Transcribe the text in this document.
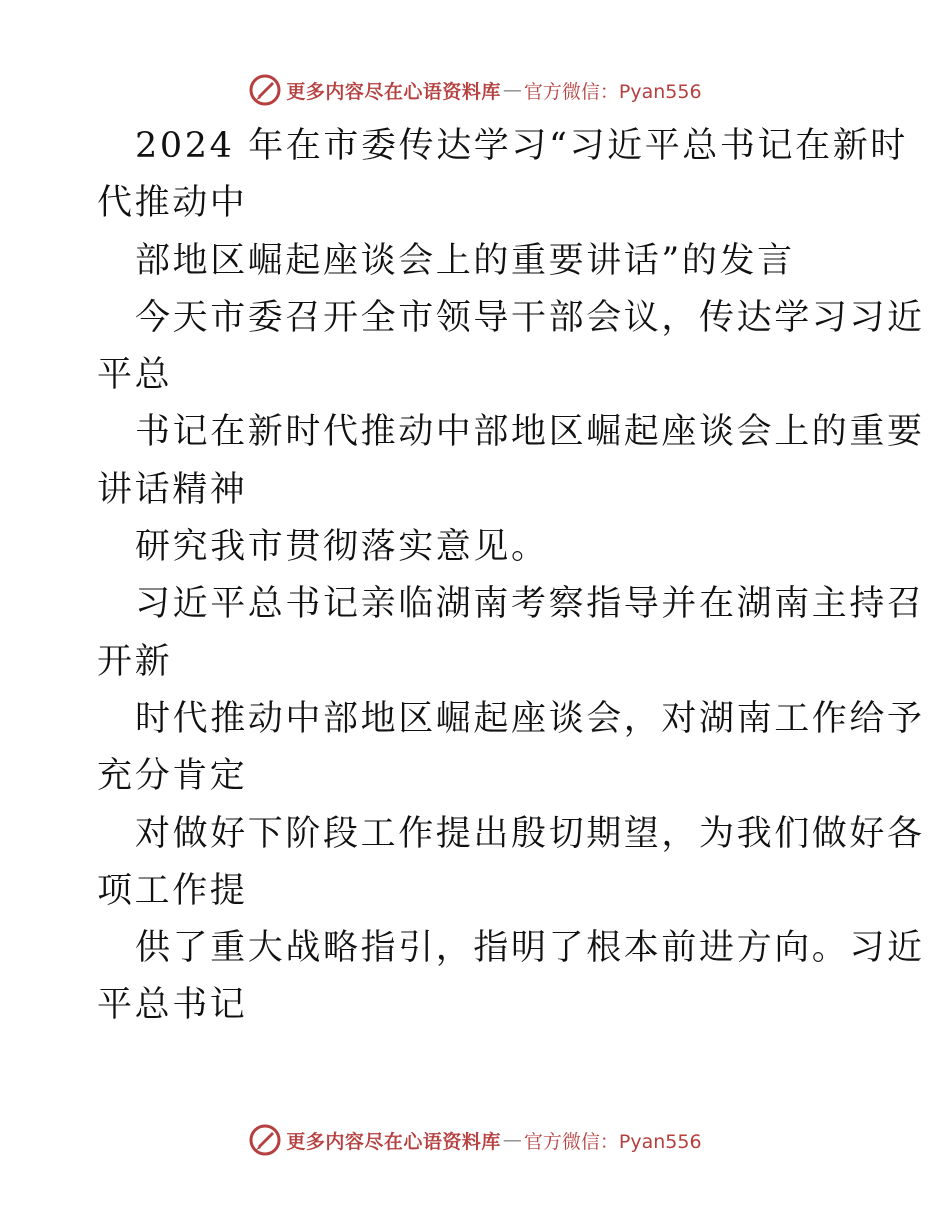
更多内容尽在心语资料库 — 官方微信：Pyan556
2024 年在市委传达学习“习近平总书记在新时
代推动中
部地区崛起座谈会上的重要讲话”的发言
今天市委召开全市领导干部会议，传达学习习近
平总
书记在新时代推动中部地区崛起座谈会上的重要
讲话精神
研究我市贯彻落实意见。
习近平总书记亲临湖南考察指导并在湖南主持召
开新
时代推动中部地区崛起座谈会，对湖南工作给予
充分肯定
对做好下阶段工作提出殷切期望，为我们做好各
项工作提
供了重大战略指引，指明了根本前进方向。习近
平总书记
更多内容尽在心语资料库 — 官方微信：Pyan556
